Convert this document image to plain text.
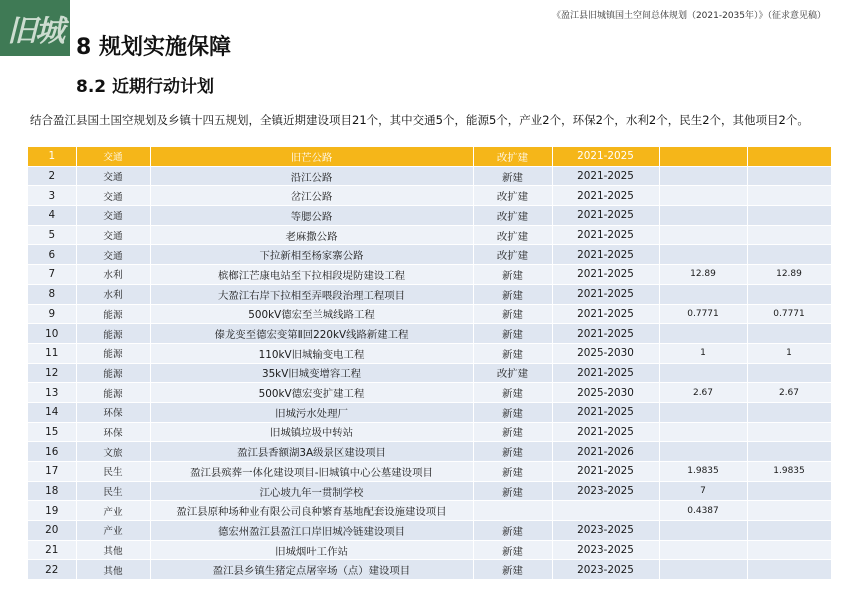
旧城	《盈江县旧城镇国土空间总体规划（2021-2035年）》（征求意见稿）
8 规划实施保障
8.2 近期行动计划
结合盈江县国土国空规划及乡镇十四五规划，全镇近期建设项目21个，其中交通5个，能源5个，产业2个，环保2个，水利2个，民生2个，其他项目2个。
1	交通	旧芒公路	改扩建	2021-2025		
2	交通	沿江公路	新建	2021-2025		
3	交通	岔江公路	改扩建	2021-2025		
4	交通	等腮公路	改扩建	2021-2025		
5	交通	老麻撒公路	改扩建	2021-2025		
6	交通	下拉新相至杨家寨公路	改扩建	2021-2025		
7	水利	槟榔江芒康电站至下拉相段堤防建设工程	新建	2021-2025	12.89	12.89
8	水利	大盈江右岸下拉相至弄喂段治理工程项目	新建	2021-2025		
9	能源	500kV德宏至兰城线路工程	新建	2021-2025	0.7771	0.7771
10	能源	傣龙变至德宏变第Ⅱ回220kV线路新建工程	新建	2021-2025		
11	能源	110kV旧城输变电工程	新建	2025-2030	1	1
12	能源	35kV旧城变增容工程	改扩建	2021-2025		
13	能源	500kV德宏变扩建工程	新建	2025-2030	2.67	2.67
14	环保	旧城污水处理厂	新建	2021-2025		
15	环保	旧城镇垃圾中转站	新建	2021-2025		
16	文旅	盈江县香额湖3A级景区建设项目	新建	2021-2026		
17	民生	盈江县殡葬一体化建设项目-旧城镇中心公墓建设项目	新建	2021-2025	1.9835	1.9835
18	民生	江心坡九年一贯制学校	新建	2023-2025	7	
19	产业	盈江县原种场种业有限公司良种繁育基地配套设施建设项目			0.4387	
20	产业	德宏州盈江县盈江口岸旧城冷链建设项目	新建	2023-2025		
21	其他	旧城烟叶工作站	新建	2023-2025		
22	其他	盈江县乡镇生猪定点屠宰场（点）建设项目	新建	2023-2025		
